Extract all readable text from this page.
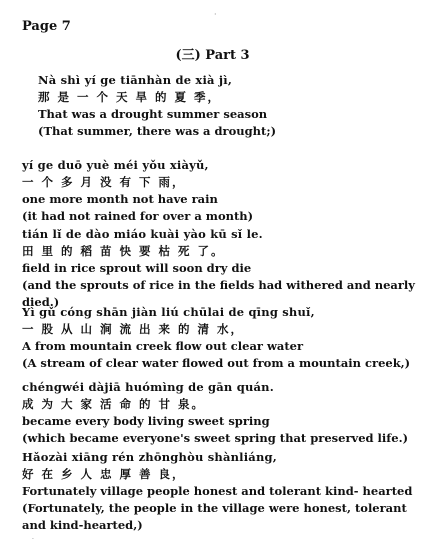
Page 7
·
(三) Part 3
Nà shì yí ge tiānhàn de xià jì,
那 是 一 个 天 旱 的 夏 季，
That was a drought summer season
(That summer, there was a drought;)
yí ge duō yuè méi yǒu xiàyǔ,
一 个 多 月 没 有 下 雨，
one more month not have rain
(it had not rained for over a month)
tián lǐ de dào miáo kuài yào kū sǐ le.
田 里 的 稻 苗 快 要 枯 死 了。
field in rice sprout will soon dry die
(and the sprouts of rice in the fields had withered and nearly died.)
Yì gǔ cóng shān jiàn liú chūlai de qīng shuǐ,
一 股 从 山 涧 流 出 来 的 清 水，
A from mountain creek flow out clear water
(A stream of clear water flowed out from a mountain creek,)
chéngwéi dàjiā huómìng de gān quán.
成 为 大 家 活 命 的 甘 泉。
became every body living sweet spring
(which became everyone's sweet spring that preserved life.)
Hǎozài xiāng rén zhōnghòu shànliáng,
好 在 乡 人 忠 厚 善 良，
Fortunately village people honest and tolerant kind- hearted
(Fortunately, the people in the village were honest, tolerant and kind-hearted,)
·
